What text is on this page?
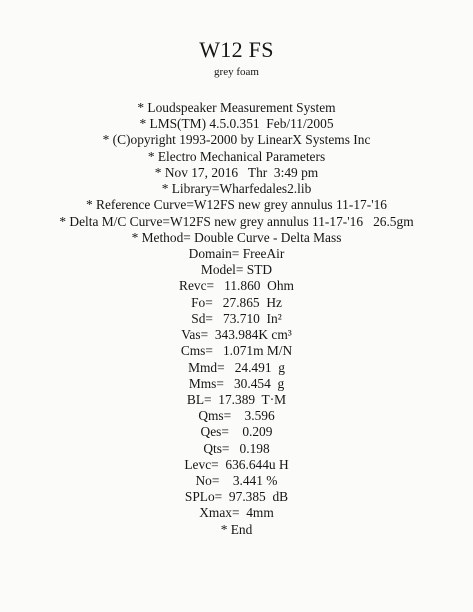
W12 FS
grey foam
* Loudspeaker Measurement System
* LMS(TM) 4.5.0.351  Feb/11/2005
* (C)opyright 1993-2000 by LinearX Systems Inc
* Electro Mechanical Parameters
* Nov 17, 2016   Thr  3:49 pm
* Library=Wharfedales2.lib
* Reference Curve=W12FS new grey annulus 11-17-'16
* Delta M/C Curve=W12FS new grey annulus 11-17-'16   26.5gm
* Method= Double Curve - Delta Mass
Domain= FreeAir
Model= STD
Revc=   11.860  Ohm
Fo=   27.865  Hz
Sd=   73.710  In²
Vas=  343.984K cm³
Cms=   1.071m M/N
Mmd=   24.491  g
Mms=   30.454  g
BL=  17.389  T·M
Qms=    3.596
Qes=    0.209
Qts=   0.198
Levc=  636.644u H
No=    3.441 %
SPLo=  97.385  dB
Xmax=  4mm
* End
